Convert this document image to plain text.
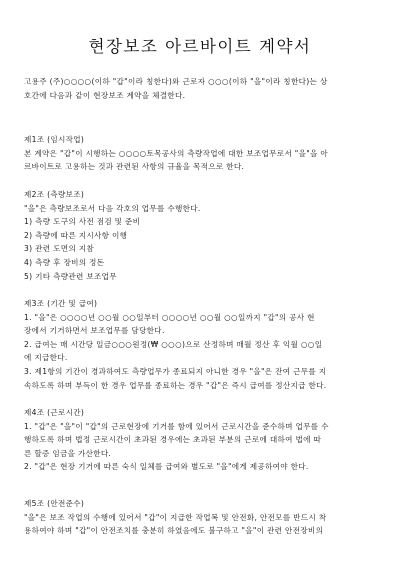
현장보조 아르바이트 계약서
고용주 (주)○○○○(이하 "갑"이라 칭한다)와 근로자 ○○○(이하 "을"이라 칭한다)는 상
호간에 다음과 같이 현장보조 계약을 체결한다.
제1조 (임시작업)
본 계약은 "갑"이 시행하는 ○○○○토목공사의 측량작업에 대한 보조업무로서 "을"을 아
르바이트로 고용하는 것과 관련된 사항의 규율을 목적으로 한다.
제2조 (측량보조)
"을"은 측량보조로서 다음 각호의 업무를 수행한다.
1) 측량 도구의 사전 점검 및 준비
2) 측량에 따른 지시사항 이행
3) 관련 도면의 지참
4) 측량 후 장비의 정돈
5) 기타 측량관련 보조업무
제3조 (기간 및 급여)
1. "을"은 ○○○○년 ○○월 ○○일부터 ○○○○년 ○○월 ○○일까지 "갑"의 공사 현
장에서 기거하면서 보조업무를 담당한다.
2. 급여는 매 시간당 일금○○○원정(₩ ○○○)으로 산정하며 매월 정산 후 익월 ○○일
에 지급한다.
3. 제1항의 기간이 경과하여도 측량업무가 종료되지 아니한 경우 "을"은 잔여 근무를 지
속하도록 하며 부득이 한 경우 업무를 종료하는 경우 "갑"은 즉시 급여를 정산지급 한다.
제4조 (근로시간)
1. "갑"은 "을"이 "갑"의 근로현장에 기거를 함에 있어서 근로시간을 준수하며 업무를 수
행하도록 하며 법정 근로시간이 초과된 경우에는 초과된 부분의 근로에 대하여 법에 따
른 할증 임금을 가산한다.
2. "갑"은 현장 기거에 따른 숙식 일체를 급여와 별도로 "을"에게 제공하여야 한다.
제5조 (안전준수)
"을"은 보조 작업의 수행에 있어서 "갑"이 지급한 작업복 및 안전화, 안전모를 반드시 착
용하여야 하며 "갑"이 안전조치를 충분히 하였음에도 불구하고 "을"이 관련 안전장비의
